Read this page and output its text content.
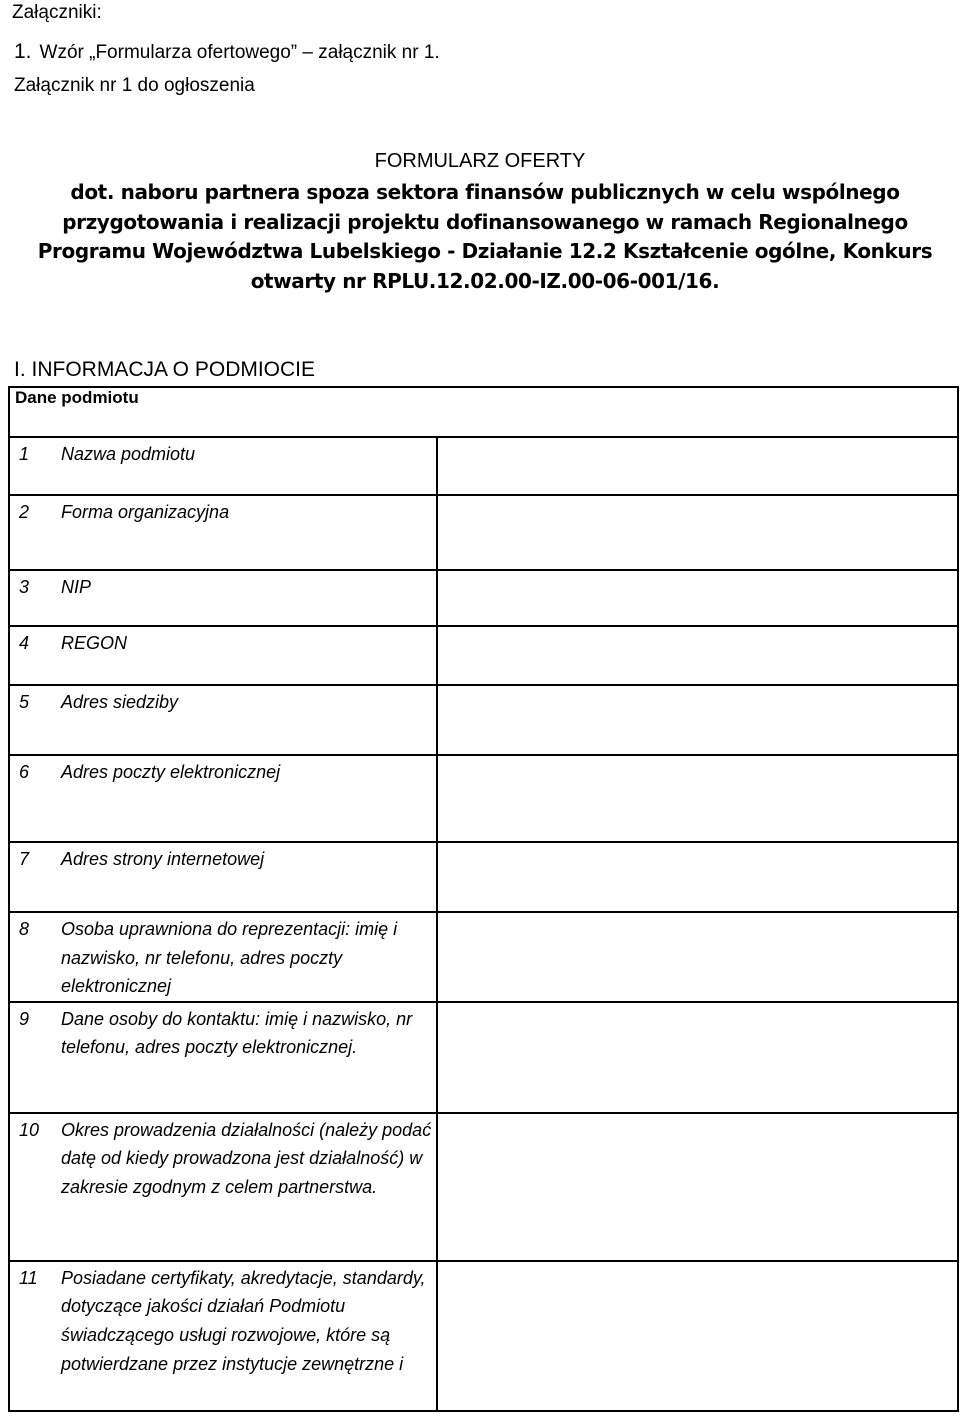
Załączniki:
1. Wzór „Formularza ofertowego” – załącznik nr 1.
Załącznik nr 1 do ogłoszenia
FORMULARZ OFERTY
dot. naboru partnera spoza sektora finansów publicznych w celu wspólnego
przygotowania i realizacji projektu dofinansowanego w ramach Regionalnego
Programu Województwa Lubelskiego - Działanie 12.2 Kształcenie ogólne, Konkurs
otwarty nr RPLU.12.02.00-IZ.00-06-001/16.
I. INFORMACJA O PODMIOCIE

1	Nazwa podmiotu	
2	Forma organizacyjna	
3	NIP	
4	REGON	
5	Adres siedziby	
6	Adres poczty elektronicznej	
7	Adres strony internetowej	
8	Osoba uprawniona do reprezentacji: imię i nazwisko, nr telefonu, adres poczty elektronicznej	
9	Dane osoby do kontaktu: imię i nazwisko, nr telefonu, adres poczty elektronicznej.	
10	Okres prowadzenia działalności (należy podać datę od kiedy prowadzona jest działalność) w zakresie zgodnym z celem partnerstwa.	
11	Posiadane certyfikaty, akredytacje, standardy, dotyczące jakości działań Podmiotu świadczącego usługi rozwojowe, które są potwierdzane przez instytucje zewnętrzne i	
Dane podmiotu
